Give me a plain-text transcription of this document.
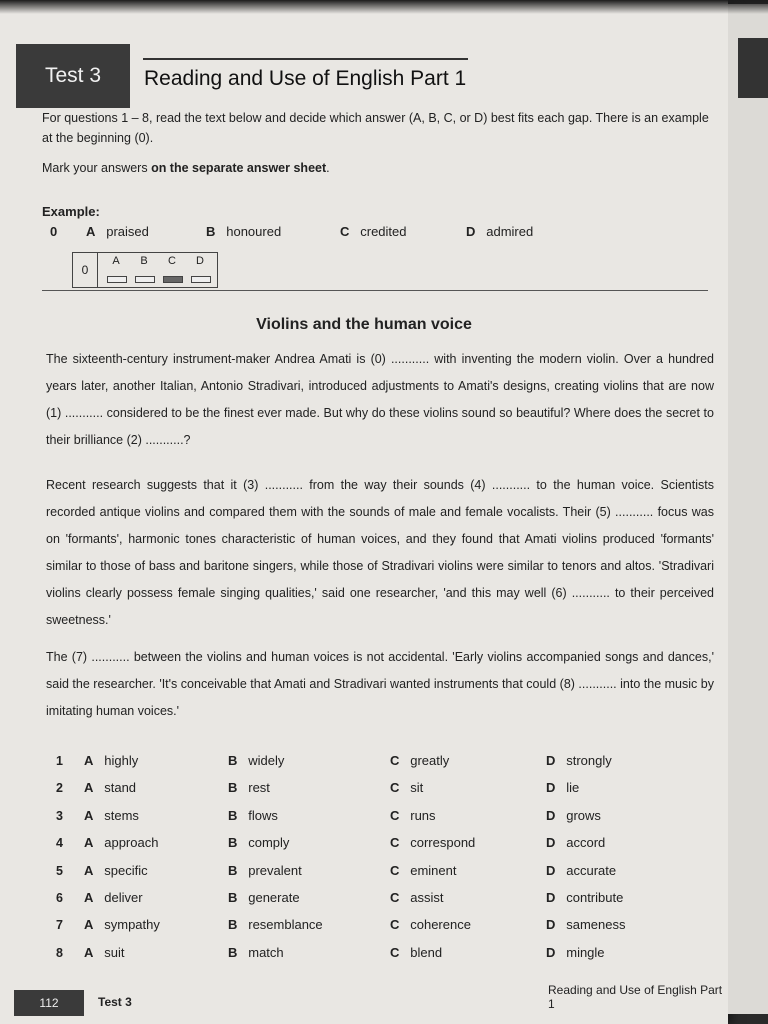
Test 3 Reading and Use of English Part 1
For questions 1 – 8, read the text below and decide which answer (A, B, C, or D) best fits each gap. There is an example
at the beginning (0).
Mark your answers on the separate answer sheet.
Example:
0 A praised	B honoured	C credited	D admired
0
A	B	C	D
Violins and the human voice
The sixteenth-century instrument-maker Andrea Amati is (0) ........... with inventing the modern violin. Over a hundred years later, another Italian, Antonio Stradivari, introduced adjustments to Amati's designs, creating violins that are now (1) ........... considered to be the finest ever made. But why do these violins sound so beautiful? Where does the secret to their brilliance (2) ...........?
Recent research suggests that it (3) ........... from the way their sounds (4) ........... to the human voice. Scientists recorded antique violins and compared them with the sounds of male and female vocalists. Their (5) ........... focus was on 'formants', harmonic tones characteristic of human voices, and they found that Amati violins produced 'formants' similar to those of bass and baritone singers, while those of Stradivari violins were similar to tenors and altos. 'Stradivari violins clearly possess female singing qualities,' said one researcher, 'and this may well (6) ........... to their perceived sweetness.'
The (7) ........... between the violins and human voices is not accidental. 'Early violins accompanied songs and dances,' said the researcher. 'It's conceivable that Amati and Stradivari wanted instruments that could (8) ........... into the music by imitating human voices.'
1 A highly	B widely	C greatly	D strongly
2 A stand	B rest	C sit	D lie
3 A stems	B flows	C runs	D grows
4 A approach	B comply	C correspond	D accord
5 A specific	B prevalent	C eminent	D accurate
6 A deliver	B generate	C assist	D contribute
7 A sympathy	B resemblance	C coherence	D sameness
8 A suit	B match	C blend	D mingle
112	Test 3
Reading and Use of English Part 1
